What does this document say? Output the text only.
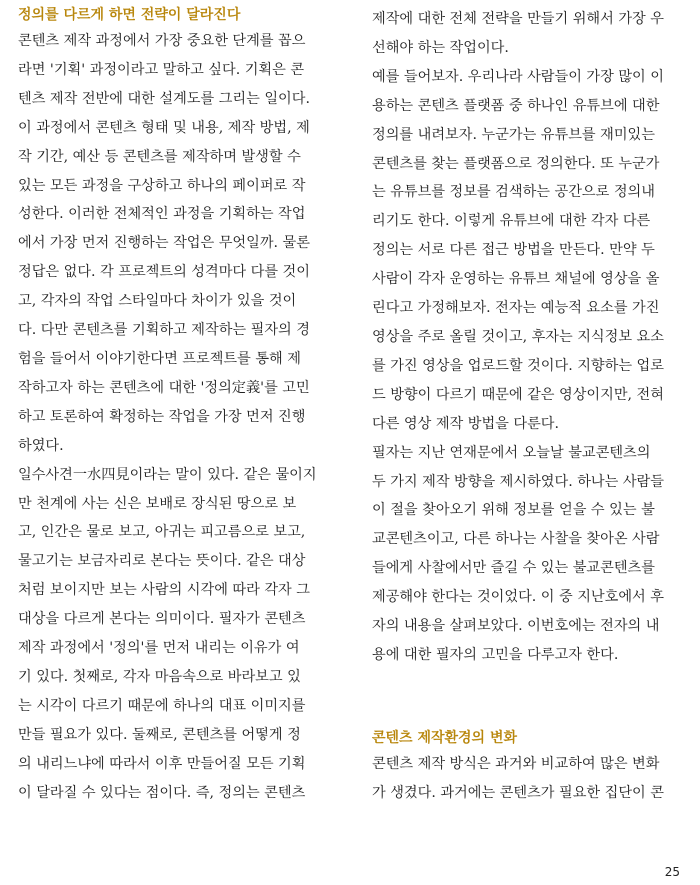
정의를 다르게 하면 전략이 달라진다

콘텐츠 제작 과정에서 가장 중요한 단계를 꼽으
라면 '기획' 과정이라고 말하고 싶다. 기획은 콘
텐츠 제작 전반에 대한 설계도를 그리는 일이다.
이 과정에서 콘텐츠 형태 및 내용, 제작 방법, 제
작 기간, 예산 등 콘텐츠를 제작하며 발생할 수
있는 모든 과정을 구상하고 하나의 페이퍼로 작
성한다. 이러한 전체적인 과정을 기획하는 작업
에서 가장 먼저 진행하는 작업은 무엇일까. 물론
정답은 없다. 각 프로젝트의 성격마다 다를 것이
고, 각자의 작업 스타일마다 차이가 있을 것이
다. 다만 콘텐츠를 기획하고 제작하는 필자의 경
험을 들어서 이야기한다면 프로젝트를 통해 제
작하고자 하는 콘텐츠에 대한 '정의定義'를 고민
하고 토론하여 확정하는 작업을 가장 먼저 진행
하였다.

일수사견一水四見이라는 말이 있다. 같은 물이지
만 천계에 사는 신은 보배로 장식된 땅으로 보
고, 인간은 물로 보고, 아귀는 피고름으로 보고,
물고기는 보금자리로 본다는 뜻이다. 같은 대상
처럼 보이지만 보는 사람의 시각에 따라 각자 그
대상을 다르게 본다는 의미이다. 필자가 콘텐츠
제작 과정에서 '정의'를 먼저 내리는 이유가 여
기 있다. 첫째로, 각자 마음속으로 바라보고 있
는 시각이 다르기 때문에 하나의 대표 이미지를
만들 필요가 있다. 둘째로, 콘텐츠를 어떻게 정
의 내리느냐에 따라서 이후 만들어질 모든 기획
이 달라질 수 있다는 점이다. 즉, 정의는 콘텐츠

제작에 대한 전체 전략을 만들기 위해서 가장 우
선해야 하는 작업이다.

예를 들어보자. 우리나라 사람들이 가장 많이 이
용하는 콘텐츠 플랫폼 중 하나인 유튜브에 대한
정의를 내려보자. 누군가는 유튜브를 재미있는
콘텐츠를 찾는 플랫폼으로 정의한다. 또 누군가
는 유튜브를 정보를 검색하는 공간으로 정의내
리기도 한다. 이렇게 유튜브에 대한 각자 다른
정의는 서로 다른 접근 방법을 만든다. 만약 두
사람이 각자 운영하는 유튜브 채널에 영상을 올
린다고 가정해보자. 전자는 예능적 요소를 가진
영상을 주로 올릴 것이고, 후자는 지식정보 요소
를 가진 영상을 업로드할 것이다. 지향하는 업로
드 방향이 다르기 때문에 같은 영상이지만, 전혀
다른 영상 제작 방법을 다룬다.

필자는 지난 연재문에서 오늘날 불교콘텐츠의
두 가지 제작 방향을 제시하였다. 하나는 사람들
이 절을 찾아오기 위해 정보를 얻을 수 있는 불
교콘텐츠이고, 다른 하나는 사찰을 찾아온 사람
들에게 사찰에서만 즐길 수 있는 불교콘텐츠를
제공해야 한다는 것이었다. 이 중 지난호에서 후
자의 내용을 살펴보았다. 이번호에는 전자의 내
용에 대한 필자의 고민을 다루고자 한다.

콘텐츠 제작환경의 변화

콘텐츠 제작 방식은 과거와 비교하여 많은 변화
가 생겼다. 과거에는 콘텐츠가 필요한 집단이 콘

25
